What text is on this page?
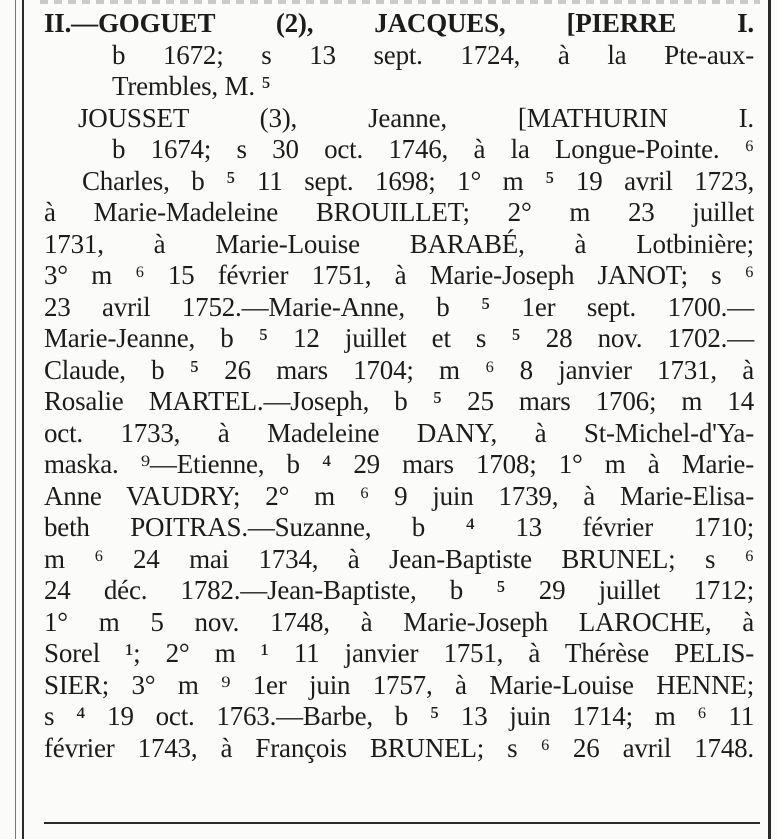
II.—GOGUET (2), JACQUES, [PIERRE I.
b 1672; s 13 sept. 1724, à la Pte-aux-
Trembles, M. ⁵
JOUSSET (3), Jeanne, [MATHURIN I.
b 1674; s 30 oct. 1746, à la Longue-Pointe. ⁶
Charles, b ⁵ 11 sept. 1698; 1° m ⁵ 19 avril 1723,
à Marie-Madeleine BROUILLET; 2° m 23 juillet
1731, à Marie-Louise BARABÉ, à Lotbinière;
3° m ⁶ 15 février 1751, à Marie-Joseph JANOT; s ⁶
23 avril 1752.—Marie-Anne, b ⁵ 1er sept. 1700.—
Marie-Jeanne, b ⁵ 12 juillet et s ⁵ 28 nov. 1702.—
Claude, b ⁵ 26 mars 1704; m ⁶ 8 janvier 1731, à
Rosalie MARTEL.—Joseph, b ⁵ 25 mars 1706; m 14
oct. 1733, à Madeleine DANY, à St-Michel-d'Ya-
maska. ⁹—Etienne, b ⁴ 29 mars 1708; 1° m à Marie-
Anne VAUDRY; 2° m ⁶ 9 juin 1739, à Marie-Elisa-
beth POITRAS.—Suzanne, b ⁴ 13 février 1710;
m ⁶ 24 mai 1734, à Jean-Baptiste BRUNEL; s ⁶
24 déc. 1782.—Jean-Baptiste, b ⁵ 29 juillet 1712;
1° m 5 nov. 1748, à Marie-Joseph LAROCHE, à
Sorel ¹; 2° m ¹ 11 janvier 1751, à Thérèse PELIS-
SIER; 3° m ⁹ 1er juin 1757, à Marie-Louise HENNE;
s ⁴ 19 oct. 1763.—Barbe, b ⁵ 13 juin 1714; m ⁶ 11
février 1743, à François BRUNEL; s ⁶ 26 avril 1748.
